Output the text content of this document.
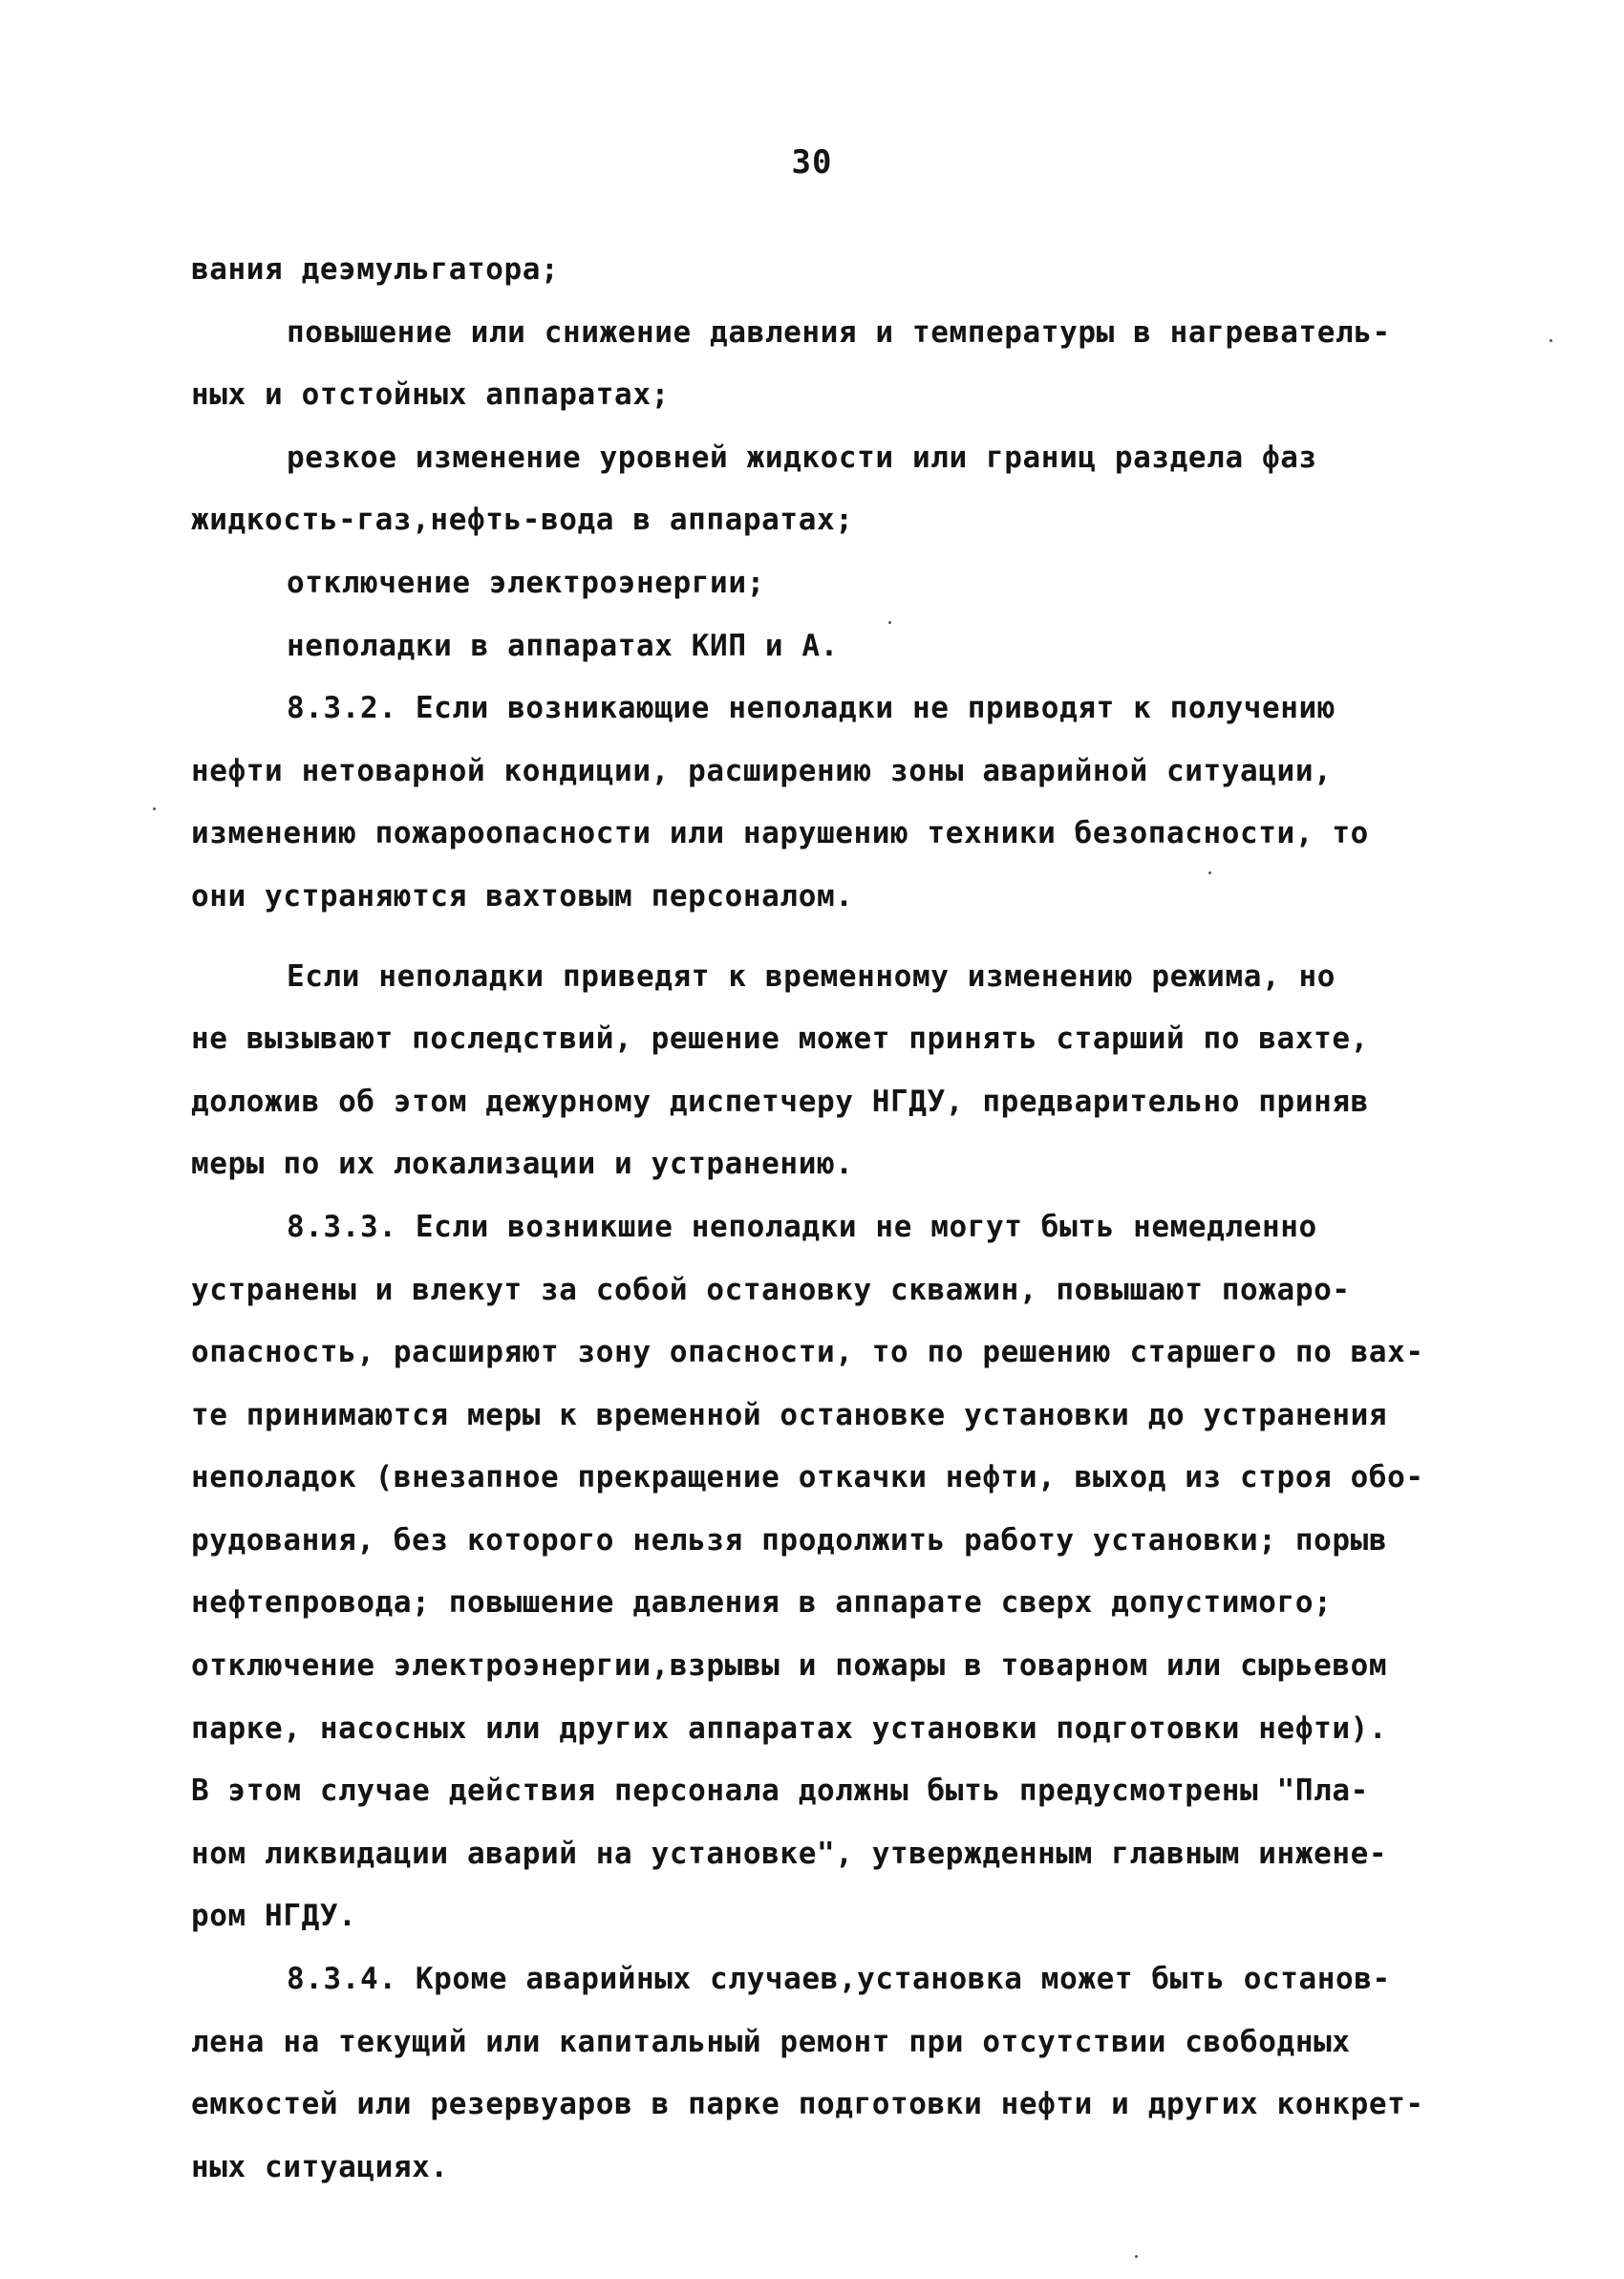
30
вания деэмульгатора;
повышение или снижение давления и температуры в нагреватель-
ных и отстойных аппаратах;
резкое изменение уровней жидкости или границ раздела фаз
жидкость-газ,нефть-вода в аппаратах;
отключение электроэнергии;
неполадки в аппаратах КИП и А.
8.3.2. Если возникающие неполадки не приводят к получению
нефти нетоварной кондиции, расширению зоны аварийной ситуации,
изменению пожароопасности или нарушению техники безопасности, то
они устраняются вахтовым персоналом.
Если неполадки приведят к временному изменению режима, но
не вызывают последствий, решение может принять старший по вахте,
доложив об этом дежурному диспетчеру НГДУ, предварительно приняв
меры по их локализации и устранению.
8.3.3. Если возникшие неполадки не могут быть немедленно
устранены и влекут за собой остановку скважин, повышают пожаро-
опасность, расширяют зону опасности, то по решению старшего по вах-
те принимаются меры к временной остановке установки до устранения
неполадок (внезапное прекращение откачки нефти, выход из строя обо-
рудования, без которого нельзя продолжить работу установки; порыв
нефтепровода; повышение давления в аппарате сверх допустимого;
отключение электроэнергии,взрывы и пожары в товарном или сырьевом
парке, насосных или других аппаратах установки подготовки нефти).
В этом случае действия персонала должны быть предусмотрены "Пла-
ном ликвидации аварий на установке", утвержденным главным инжене-
ром НГДУ.
8.3.4. Кроме аварийных случаев,установка может быть останов-
лена на текущий или капитальный ремонт при отсутствии свободных
емкостей или резервуаров в парке подготовки нефти и других конкрет-
ных ситуациях.
